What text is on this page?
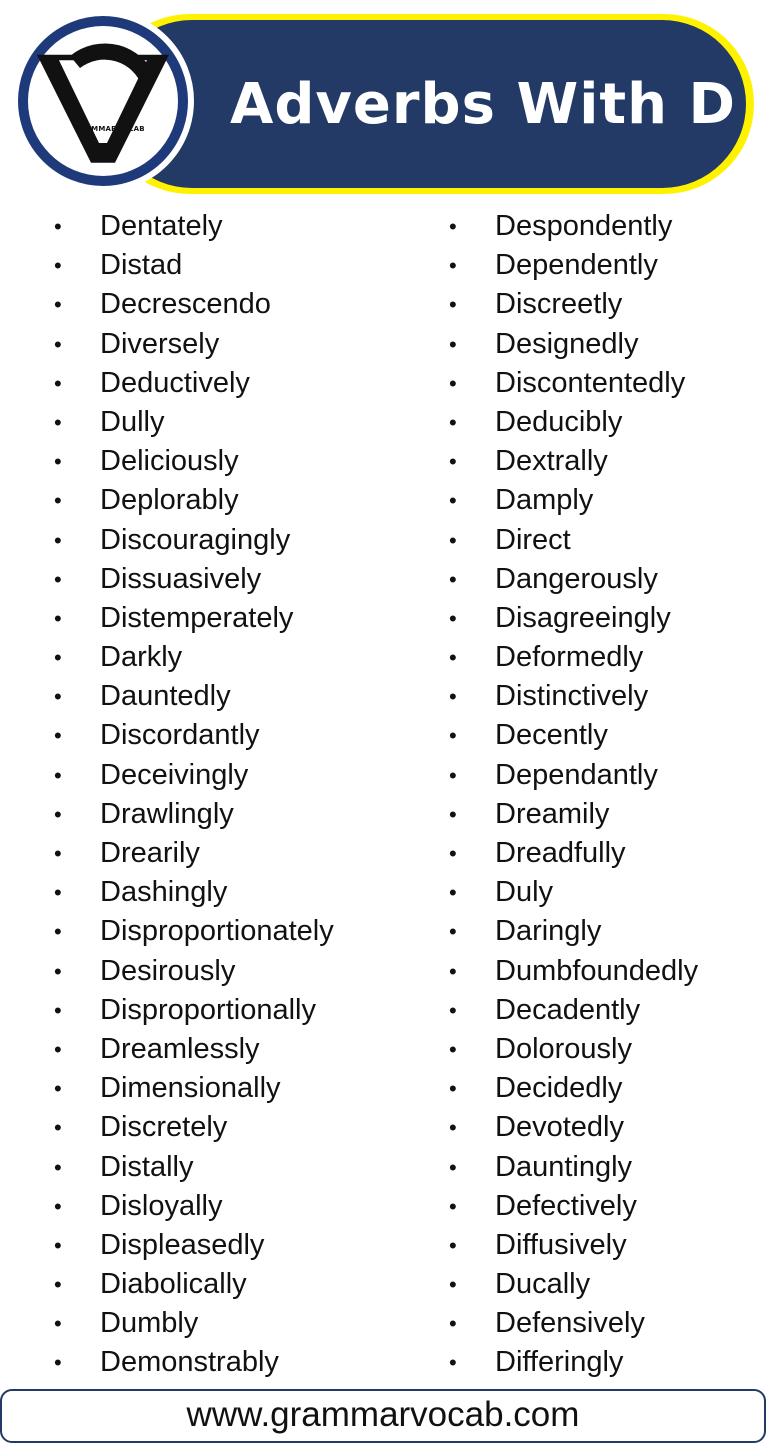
Adverbs With D
GRAMMARVOCAB
• Dentately
• Distad
• Decrescendo
• Diversely
• Deductively
• Dully
• Deliciously
• Deplorably
• Discouragingly
• Dissuasively
• Distemperately
• Darkly
• Dauntedly
• Discordantly
• Deceivingly
• Drawlingly
• Drearily
• Dashingly
• Disproportionately
• Desirously
• Disproportionally
• Dreamlessly
• Dimensionally
• Discretely
• Distally
• Disloyally
• Displeasedly
• Diabolically
• Dumbly
• Demonstrably
• Despondently
• Dependently
• Discreetly
• Designedly
• Discontentedly
• Deducibly
• Dextrally
• Damply
• Direct
• Dangerously
• Disagreeingly
• Deformedly
• Distinctively
• Decently
• Dependantly
• Dreamily
• Dreadfully
• Duly
• Daringly
• Dumbfoundedly
• Decadently
• Dolorously
• Decidedly
• Devotedly
• Dauntingly
• Defectively
• Diffusively
• Ducally
• Defensively
• Differingly
www.grammarvocab.com
